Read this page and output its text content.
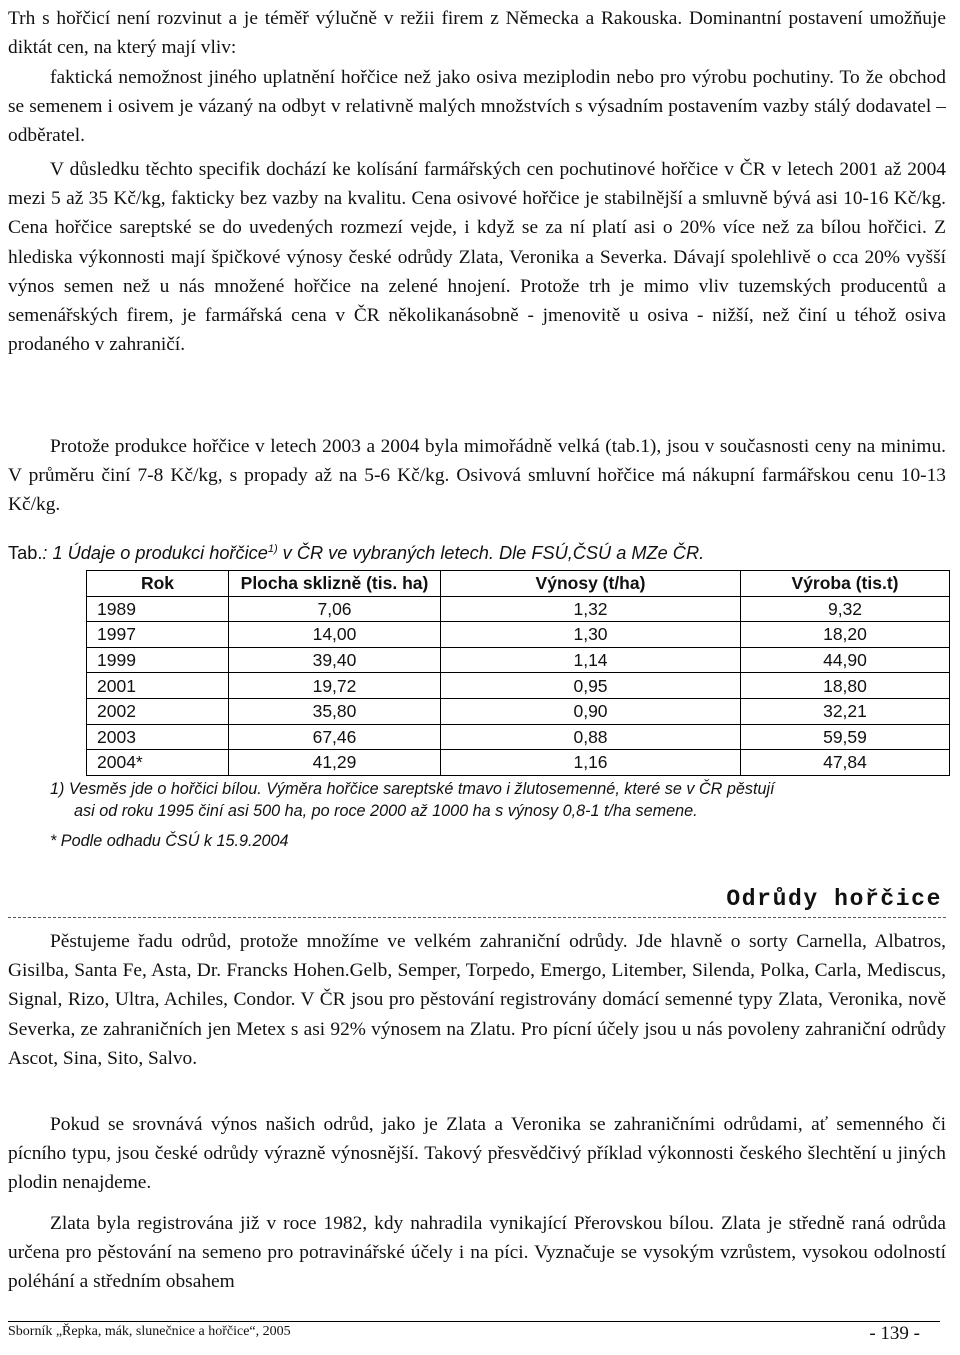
Trh s hořčicí není rozvinut a je téměř výlučně v režii firem z Německa a Rakouska. Dominantní postavení umožňuje diktát cen, na který mají vliv:

faktická nemožnost jiného uplatnění hořčice než jako osiva meziplodin nebo pro výrobu pochutiny. To že obchod se semenem i osivem je vázaný na odbyt v relativně malých množstvích s výsadním postavením vazby stálý dodavatel – odběratel.

V důsledku těchto specifik dochází ke kolísání farmářských cen pochutinové hořčice v ČR v letech 2001 až 2004 mezi 5 až 35 Kč/kg, fakticky bez vazby na kvalitu. Cena osivové hořčice je stabilnější a smluvně bývá asi 10-16 Kč/kg. Cena hořčice sareptské se do uvedených rozmezí vejde, i když se za ní platí asi o 20% více než za bílou hořčici. Z hlediska výkonnosti mají špičkové výnosy české odrůdy Zlata, Veronika a Severka. Dávají spolehlivě o cca 20% vyšší výnos semen než u nás množené hořčice na zelené hnojení. Protože trh je mimo vliv tuzemských producentů a semenářských firem, je farmářská cena v ČR několikanásobně - jmenovitě u osiva - nižší, než činí u téhož osiva prodaného v zahraničí.

Protože produkce hořčice v letech 2003 a 2004 byla mimořádně velká (tab.1), jsou v současnosti ceny na minimu. V průměru činí 7-8 Kč/kg, s propady až na 5-6 Kč/kg. Osivová smluvní hořčice má nákupní farmářskou cenu 10-13 Kč/kg.

Tab.: 1 Údaje o produkci hořčice$^{1)}$ v ČR ve vybraných letech. Dle FSÚ,ČSÚ a MZe ČR.
Rok	Plocha sklizně (tis. ha)	Výnosy (t/ha)	Výroba (tis.t)
1989	7,06	1,32	9,32
1997	14,00	1,30	18,20
1999	39,40	1,14	44,90
2001	19,72	0,95	18,80
2002	35,80	0,90	32,21
2003	67,46	0,88	59,59
2004*	41,29	1,16	47,84

1) Vesměs jde o hořčici bílou. Výměra hořčice sareptské tmavo i žlutosemenné, které se v ČR pěstují
asi od roku 1995 činí asi 500 ha, po roce 2000 až 1000 ha s výnosy 0,8-1 t/ha semene.

* Podle odhadu ČSÚ k 15.9.2004

Odrůdy hořčice

Pěstujeme řadu odrůd, protože množíme ve velkém zahraniční odrůdy. Jde hlavně o sorty Carnella, Albatros, Gisilba, Santa Fe, Asta, Dr. Francks Hohen.Gelb, Semper, Torpedo, Emergo, Litember, Silenda, Polka, Carla, Mediscus, Signal, Rizo, Ultra, Achiles, Condor. V ČR jsou pro pěstování registrovány domácí semenné typy Zlata, Veronika, nově Severka, ze zahraničních jen Metex s asi 92% výnosem na Zlatu. Pro pícní účely jsou u nás povoleny zahraniční odrůdy Ascot, Sina, Sito, Salvo.

Pokud se srovnává výnos našich odrůd, jako je Zlata a Veronika se zahraničními odrůdami, ať semenného či pícního typu, jsou české odrůdy výrazně výnosnější. Takový přesvědčivý příklad výkonnosti českého šlechtění u jiných plodin nenajdeme.

Zlata byla registrována již v roce 1982, kdy nahradila vynikající Přerovskou bílou. Zlata je středně raná odrůda určena pro pěstování na semeno pro potravinářské účely i na píci. Vyznačuje se vysokým vzrůstem, vysokou odolností poléhání a středním obsahem

Sborník „Řepka, mák, slunečnice a hořčice“, 2005	- 139 -
